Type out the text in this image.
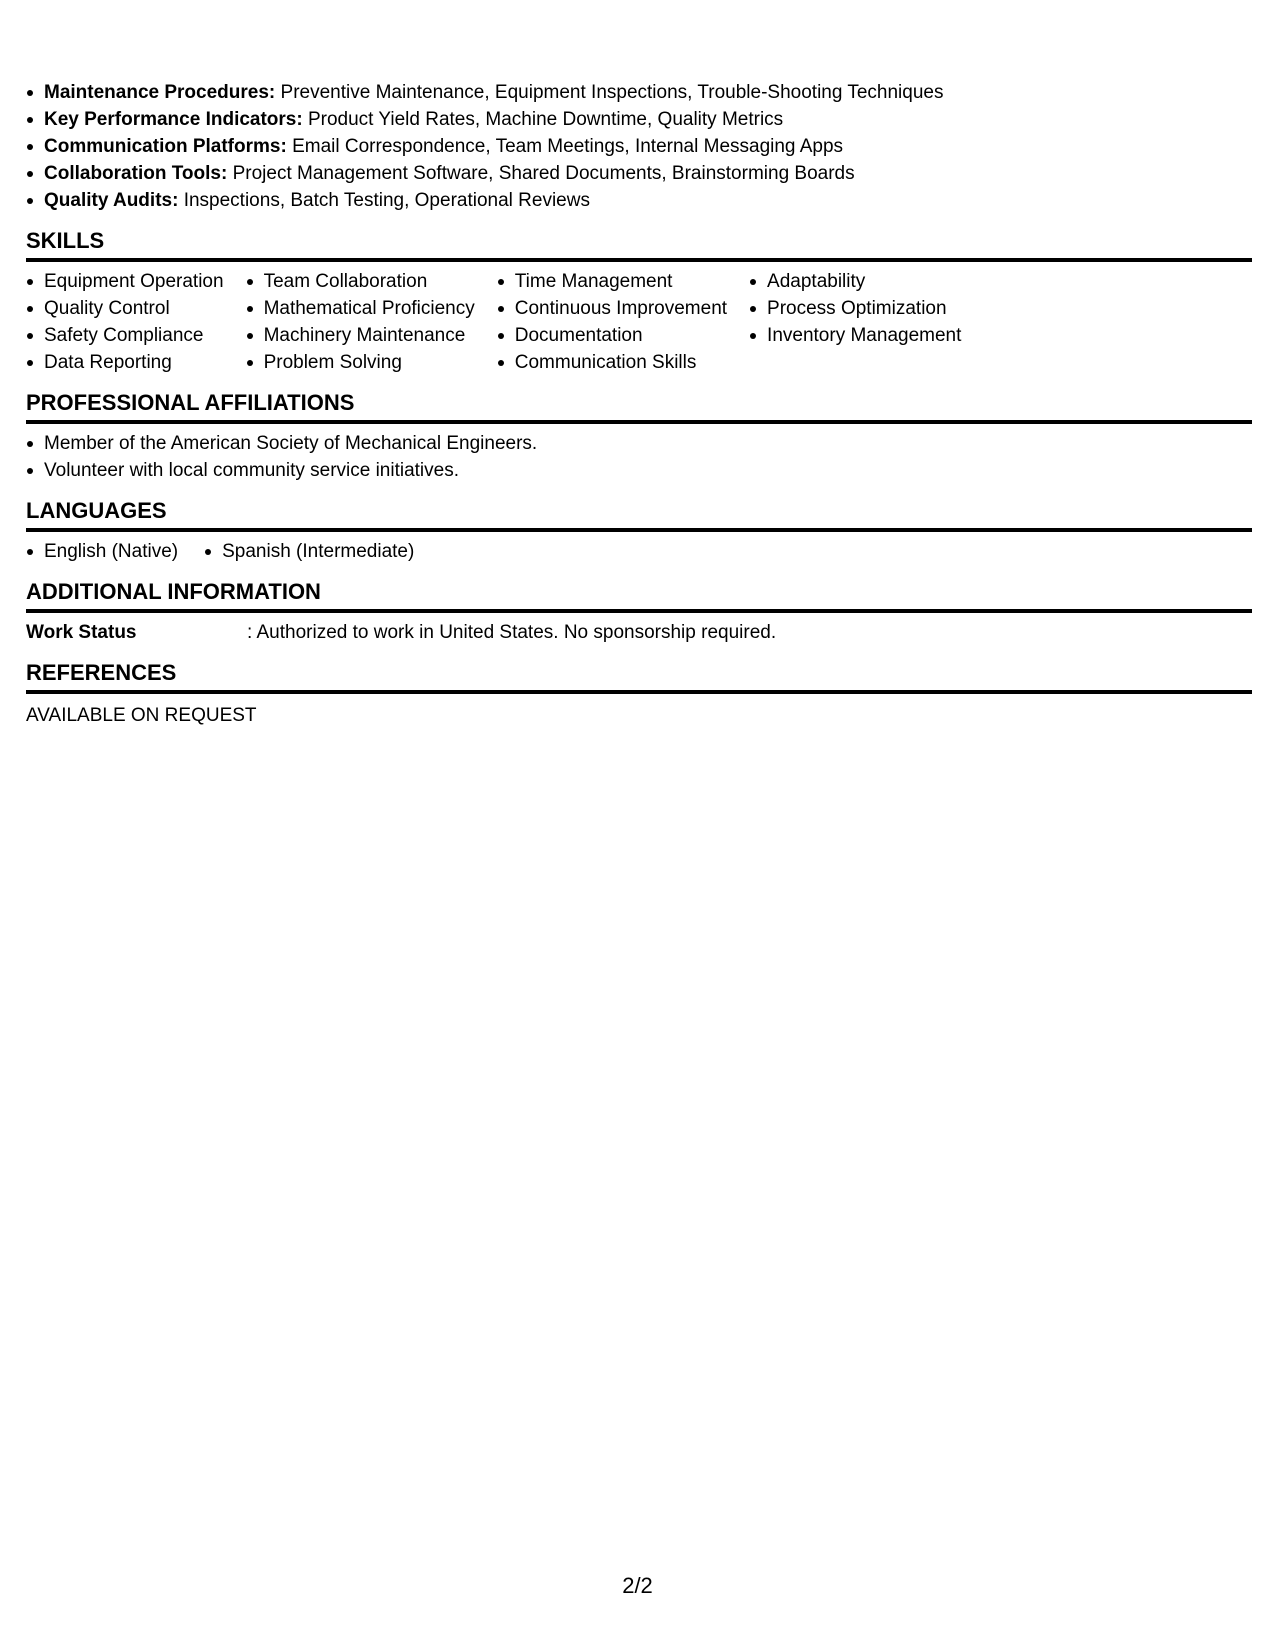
Maintenance Procedures: Preventive Maintenance, Equipment Inspections, Trouble-Shooting Techniques
Key Performance Indicators: Product Yield Rates, Machine Downtime, Quality Metrics
Communication Platforms: Email Correspondence, Team Meetings, Internal Messaging Apps
Collaboration Tools: Project Management Software, Shared Documents, Brainstorming Boards
Quality Audits: Inspections, Batch Testing, Operational Reviews
SKILLS
Equipment Operation
Quality Control
Safety Compliance
Data Reporting
Team Collaboration
Mathematical Proficiency
Machinery Maintenance
Problem Solving
Time Management
Continuous Improvement
Documentation
Communication Skills
Adaptability
Process Optimization
Inventory Management
PROFESSIONAL AFFILIATIONS
Member of the American Society of Mechanical Engineers.
Volunteer with local community service initiatives.
LANGUAGES
English (Native)	Spanish (Intermediate)
ADDITIONAL INFORMATION
Work Status	: Authorized to work in United States. No sponsorship required.
REFERENCES
AVAILABLE ON REQUEST
2/2
